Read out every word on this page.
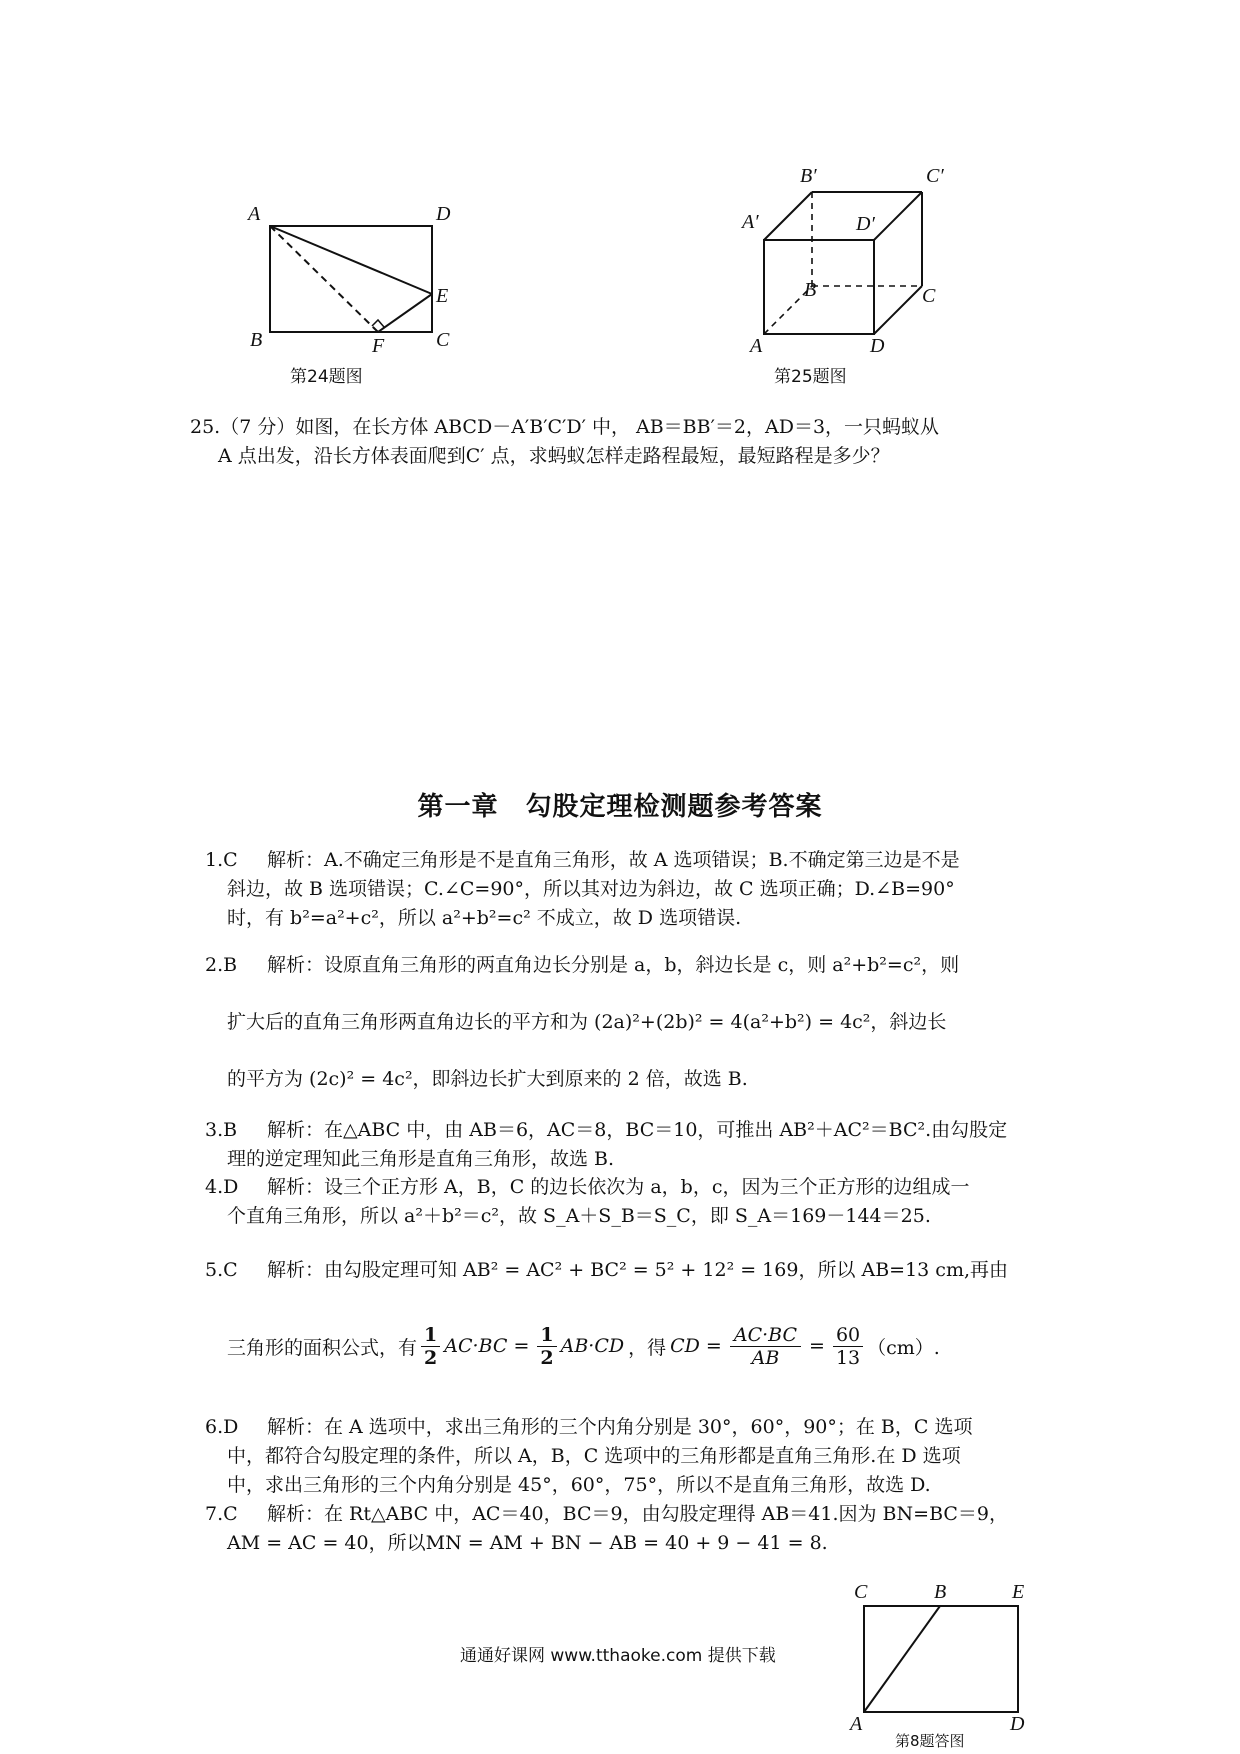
A	D
E
B	F	C
第24题图
B′	C′
A′	D′
B	C
A	D
第25题图
25.（7 分）如图，在长方体 ABCD－A′B′C′D′ 中， AB＝BB′＝2，AD＝3，一只蚂蚁从
A 点出发，沿长方体表面爬到C′ 点，求蚂蚁怎样走路程最短，最短路程是多少？
第一章　勾股定理检测题参考答案
1.C 解析：A.不确定三角形是不是直角三角形，故 A 选项错误；B.不确定第三边是不是
斜边，故 B 选项错误；C.∠C=90°，所以其对边为斜边，故 C 选项正确；D.∠B=90°
时，有 b²=a²+c²，所以 a²+b²=c² 不成立，故 D 选项错误.
2.B 解析：设原直角三角形的两直角边长分别是 a，b，斜边长是 c，则 a²+b²=c²，则
扩大后的直角三角形两直角边长的平方和为 (2a)²+(2b)² = 4(a²+b²) = 4c²，斜边长
的平方为 (2c)² = 4c²，即斜边长扩大到原来的 2 倍，故选 B.
3.B 解析：在△ABC 中，由 AB＝6，AC＝8，BC＝10，可推出 AB²＋AC²＝BC².由勾股定
理的逆定理知此三角形是直角三角形，故选 B.
4.D 解析：设三个正方形 A，B，C 的边长依次为 a，b，c，因为三个正方形的边组成一
个直角三角形，所以 a²＋b²＝c²，故 S_A＋S_B＝S_C，即 S_A＝169－144＝25.
5.C 解析：由勾股定理可知 AB² = AC² + BC² = 5² + 12² = 169，所以 AB=13 cm,再由
三角形的面积公式，有 $\frac{1}{2} AC\cdot BC = \frac{1}{2} AB\cdot CD$ ，得 CD = $\frac{AC\cdot BC}{AB} = \frac{60}{13} (cm)$.
6.D 解析：在 A 选项中，求出三角形的三个内角分别是 30°，60°，90°；在 B，C 选项
中，都符合勾股定理的条件，所以 A，B，C 选项中的三角形都是直角三角形.在 D 选项
中，求出三角形的三个内角分别是 45°，60°，75°，所以不是直角三角形，故选 D.
7.C 解析：在 Rt△ABC 中，AC＝40，BC＝9，由勾股定理得 AB＝41.因为 BN=BC＝9，
AM = AC = 40，所以MN = AM + BN − AB = 40 + 9 − 41 = 8.
C	B	E
A	D
第8题答图
通通好课网 www.tthaoke.com 提供下载
